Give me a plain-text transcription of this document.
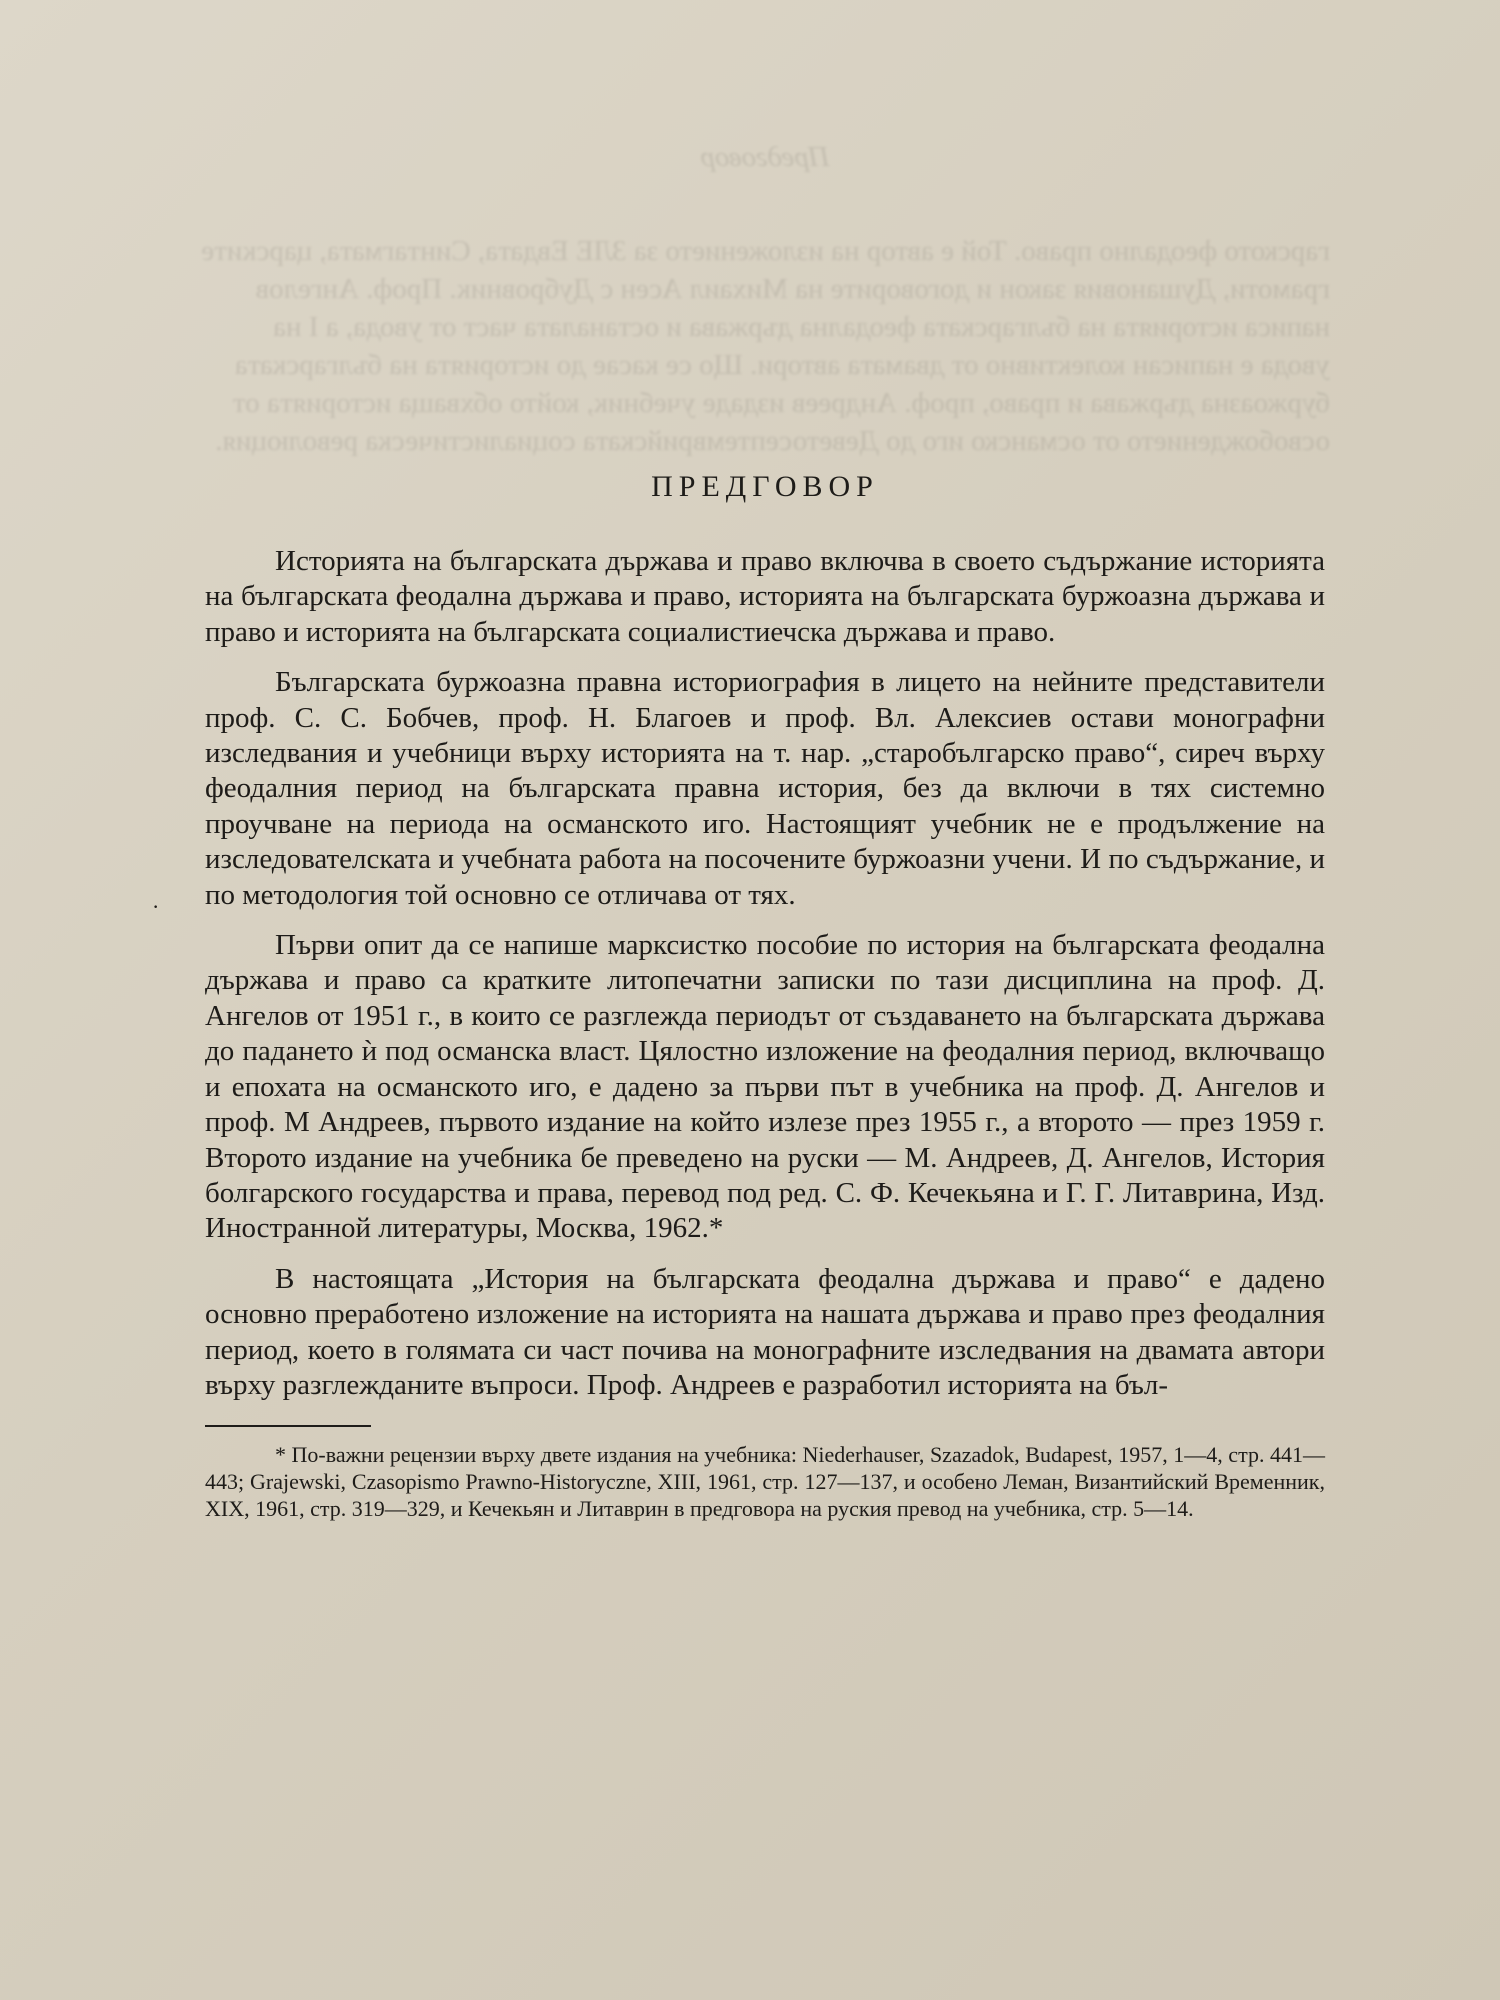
Предговор

гарското феодално право. Той е автор на изложението за ЗЛЕ Евдата, Синтагмата, царските грамоти, Душановия закон и договорите на Михаил Асен с Дубровник. Проф. Ангелов написа историята на българската феодална държава и останалата част от увода, а I на увода е написан колективно от двамата автори. Що се касае до историята на българската буржоазна държава и право, проф. Андреев издаде учебник, който обхваща историята от освобождението от османско иго до Деветосептемврийската социалистическа революция.

·
ПРЕДГОВОР

Историята на българската държава и право включва в своето съдържание историята на българската феодална държава и право, историята на българската буржоазна държава и право и историята на българската социалистиечска държава и право.

Българската буржоазна правна историография в лицето на нейните представители проф. С. С. Бобчев, проф. Н. Благоев и проф. Вл. Алексиев остави монографни изследвания и учебници върху историята на т. нар. „старобългарско право“, сиреч върху феодалния период на българската правна история, без да включи в тях системно проучване на периода на османското иго. Настоящият учебник не е продължение на изследователската и учебната работа на посочените буржоазни учени. И по съдържание, и по методология той основно се отличава от тях.

Първи опит да се напише марксистко пособие по история на българската феодална държава и право са кратките литопечатни записки по тази дисциплина на проф. Д. Ангелов от 1951 г., в които се разглежда периодът от създаването на българската държава до падането ѝ под османска власт. Цялостно изложение на феодалния период, включващо и епохата на османското иго, е дадено за първи път в учебника на проф. Д. Ангелов и проф. М Андреев, първото издание на който излезе през 1955 г., а второто — през 1959 г. Второто издание на учебника бе преведено на руски — М. Андреев, Д. Ангелов, История болгарского государства и права, перевод под ред. С. Ф. Кечекьяна и Г. Г. Литаврина, Изд. Иностранной литературы, Москва, 1962.*

В настоящата „История на българската феодална държава и право“ е дадено основно преработено изложение на историята на нашата държава и право през феодалния период, което в голямата си част почива на монографните изследвания на двамата автори върху разглежданите въпроси. Проф. Андреев е разработил историята на бъл-

* По-важни рецензии върху двете издания на учебника: Niederhauser, Szazadok, Budapest, 1957, 1—4, стр. 441—443; Grajewski, Czasopismo Prawno-Historyczne, XIII, 1961, стр. 127—137, и особено Леман, Византийский Временник, XIX, 1961, стр. 319—329, и Кечекьян и Литаврин в предговора на руския превод на учебника, стр. 5—14.
